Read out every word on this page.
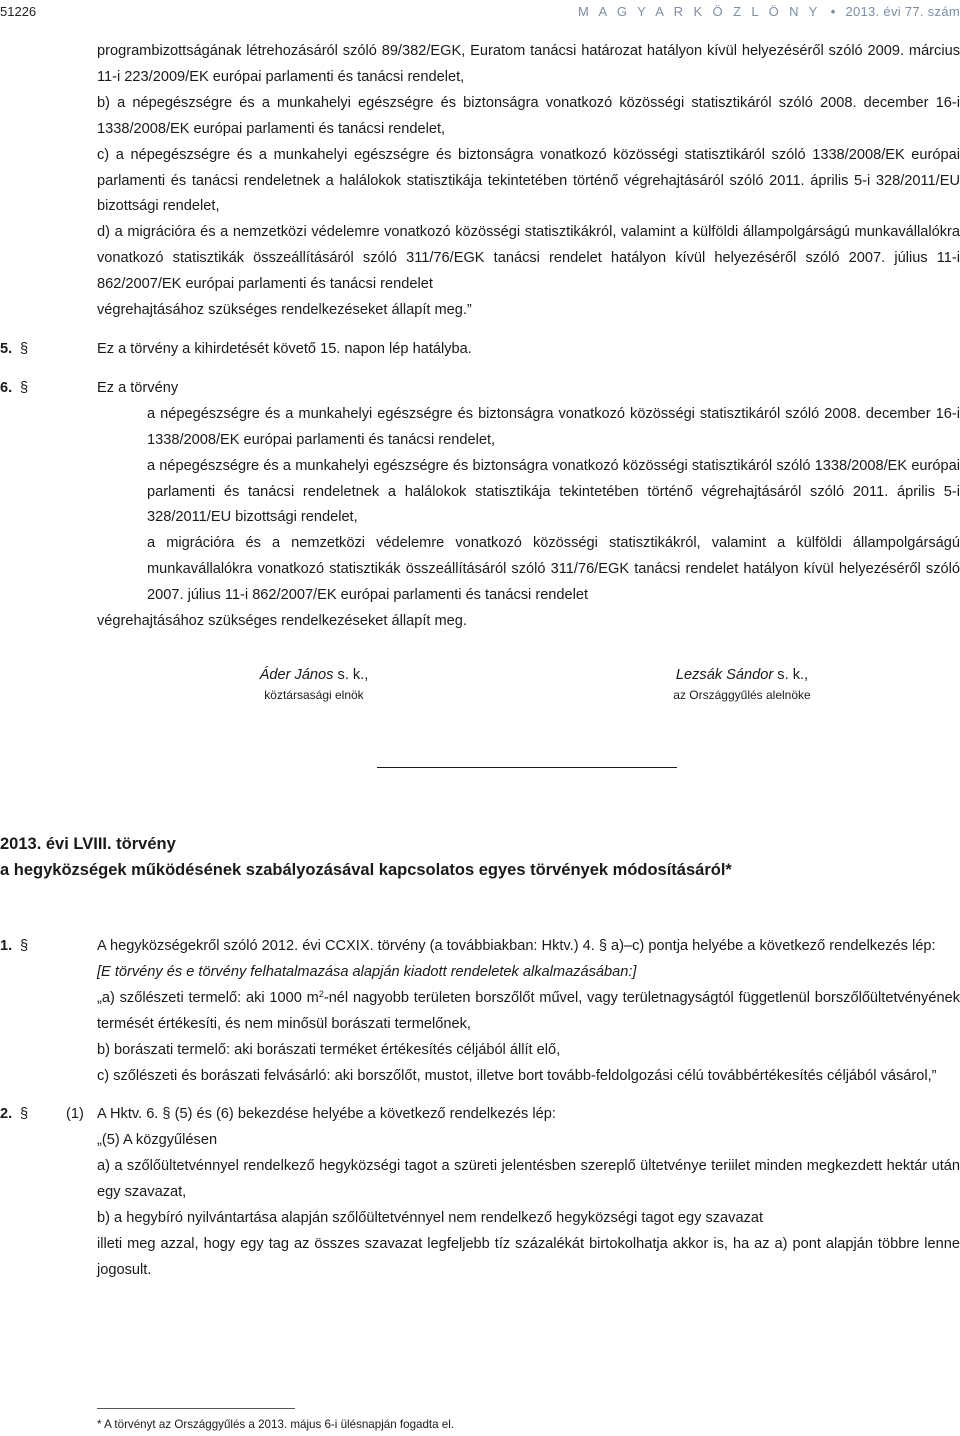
51226	M A G Y A R K Ö Z L Ö N Y • 2013. évi 77. szám

programbizottságának létrehozásáról szóló 89/382/EGK, Euratom tanácsi határozat hatályon kívül helyezéséről szóló 2009. március 11-i 223/2009/EK európai parlamenti és tanácsi rendelet,

b) a népegészségre és a munkahelyi egészségre és biztonságra vonatkozó közösségi statisztikáról szóló 2008. december 16-i 1338/2008/EK európai parlamenti és tanácsi rendelet,

c) a népegészségre és a munkahelyi egészségre és biztonságra vonatkozó közösségi statisztikáról szóló 1338/2008/EK európai parlamenti és tanácsi rendeletnek a halálokok statisztikája tekintetében történő végrehajtásáról szóló 2011. április 5-i 328/2011/EU bizottsági rendelet,

d) a migrációra és a nemzetközi védelemre vonatkozó közösségi statisztikákról, valamint a külföldi állampolgárságú munkavállalókra vonatkozó statisztikák összeállításáról szóló 311/76/EGK tanácsi rendelet hatályon kívül helyezéséről szóló 2007. július 11-i 862/2007/EK európai parlamenti és tanácsi rendelet

végrehajtásához szükséges rendelkezéseket állapít meg.”

5. §	Ez a törvény a kihirdetését követő 15. napon lép hatályba.

6. §	Ez a törvény

a népegészségre és a munkahelyi egészségre és biztonságra vonatkozó közösségi statisztikáról szóló 2008. december 16-i 1338/2008/EK európai parlamenti és tanácsi rendelet,

a népegészségre és a munkahelyi egészségre és biztonságra vonatkozó közösségi statisztikáról szóló 1338/2008/EK európai parlamenti és tanácsi rendeletnek a halálokok statisztikája tekintetében történő végrehajtásáról szóló 2011. április 5-i 328/2011/EU bizottsági rendelet,

a migrációra és a nemzetközi védelemre vonatkozó közösségi statisztikákról, valamint a külföldi állampolgárságú munkavállalókra vonatkozó statisztikák összeállításáról szóló 311/76/EGK tanácsi rendelet hatályon kívül helyezéséről szóló 2007. július 11-i 862/2007/EK európai parlamenti és tanácsi rendelet

végrehajtásához szükséges rendelkezéseket állapít meg.

Áder János s. k.,
köztársasági elnök
Lezsák Sándor s. k.,
az Országgyűlés alelnöke

2013. évi LVIII. törvény

a hegyközségek működésének szabályozásával kapcsolatos egyes törvények módosításáról*

1. §	A hegyközségekről szóló 2012. évi CCXIX. törvény (a továbbiakban: Hktv.) 4. § a)–c) pontja helyébe a következő rendelkezés lép:

[E törvény és e törvény felhatalmazása alapján kiadott rendeletek alkalmazásában:]

„a) szőlészeti termelő: aki 1000 $m^2$-nél nagyobb területen borszőlőt művel, vagy területnagyságtól függetlenül borszőlőültetvényének termését értékesíti, és nem minősül borászati termelőnek,

b) borászati termelő: aki borászati terméket értékesítés céljából állít elő,

c) szőlészeti és borászati felvásárló: aki borszőlőt, mustot, illetve bort tovább-feldolgozási célú továbbértékesítés céljából vásárol,”

2. §	(1) A Hktv. 6. § (5) és (6) bekezdése helyébe a következő rendelkezés lép:

„(5) A közgyűlésen

a) a szőlőültetvénnyel rendelkező hegyközségi tagot a szüreti jelentésben szereplő ültetvénye teriilet minden megkezdett hektár után egy szavazat,

b) a hegybíró nyilvántartása alapján szőlőültetvénnyel nem rendelkező hegyközségi tagot egy szavazat

illeti meg azzal, hogy egy tag az összes szavazat legfeljebb tíz százalékát birtokolhatja akkor is, ha az a) pont alapján többre lenne jogosult.

* A törvényt az Országgyűlés a 2013. május 6-i ülésnapján fogadta el.
